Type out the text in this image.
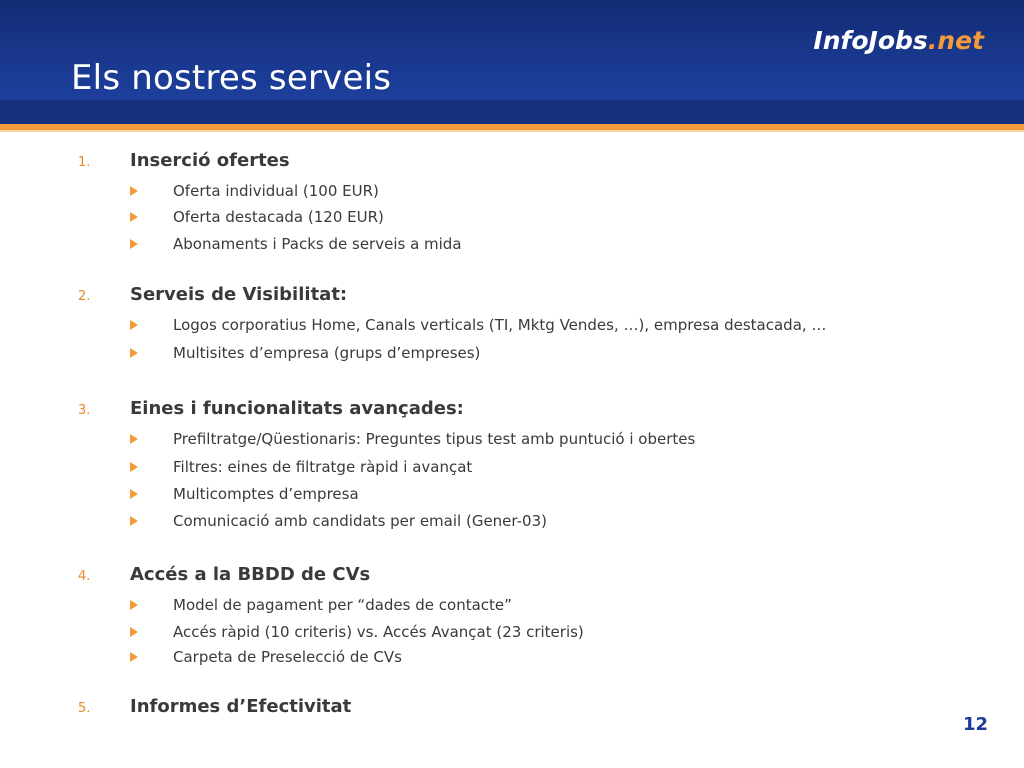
InfoJobs.net
Els nostres serveis
1. Inserció ofertes
Oferta individual (100 EUR)
Oferta destacada (120 EUR)
Abonaments i Packs de serveis a mida
2. Serveis de Visibilitat:
Logos corporatius Home, Canals verticals (TI, Mktg Vendes, …), empresa destacada, …
Multisites d’empresa (grups d’empreses)
3. Eines i funcionalitats avançades:
Prefiltratge/Qüestionaris: Preguntes tipus test amb puntució i obertes
Filtres: eines de filtratge ràpid i avançat
Multicomptes d’empresa
Comunicació amb candidats per email (Gener-03)
4. Accés a la BBDD de CVs
Model de pagament per “dades de contacte”
Accés ràpid (10 criteris) vs. Accés Avançat (23 criteris)
Carpeta de Preselecció de CVs
5. Informes d’Efectivitat
12
